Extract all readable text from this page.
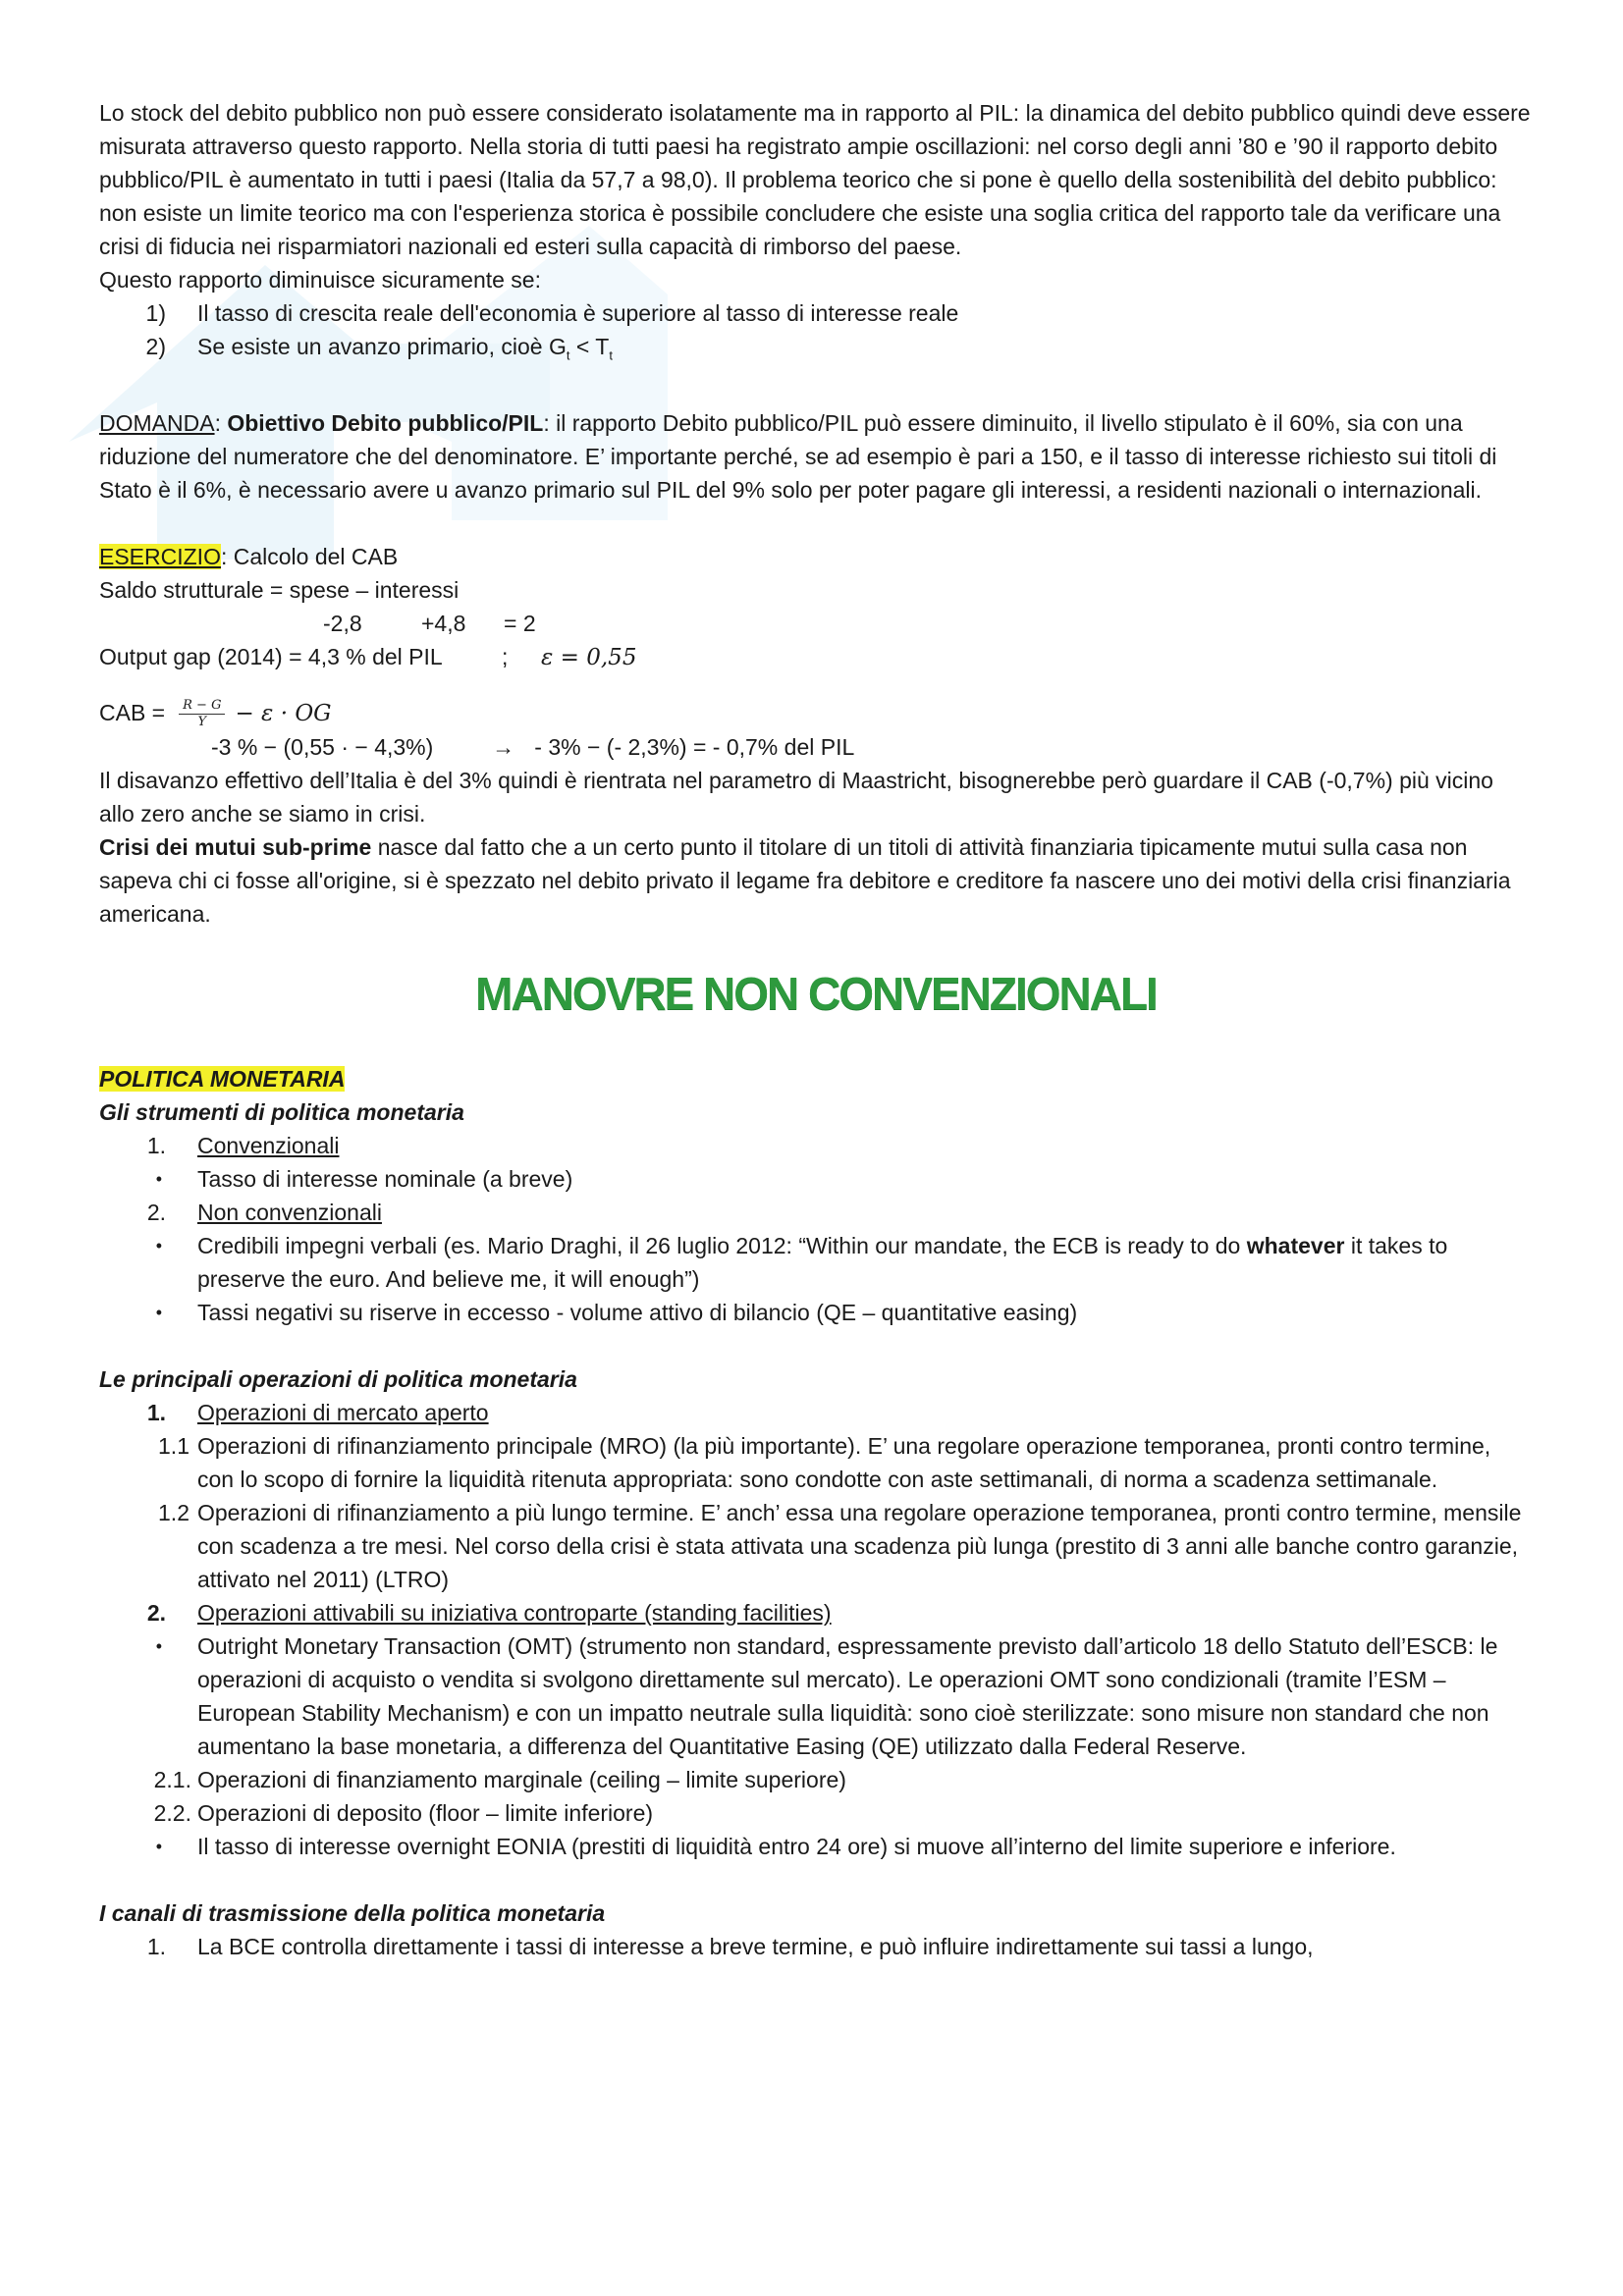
Lo stock del debito pubblico non può essere considerato isolatamente ma in rapporto al PIL: la dinamica del debito pubblico quindi deve essere misurata attraverso questo rapporto. Nella storia di tutti paesi ha registrato ampie oscillazioni: nel corso degli anni ’80 e ’90 il rapporto debito pubblico/PIL è aumentato in tutti i paesi (Italia da 57,7 a 98,0). Il problema teorico che si pone è quello della sostenibilità del debito pubblico: non esiste un limite teorico ma con l'esperienza storica è possibile concludere che esiste una soglia critica del rapporto tale da verificare una crisi di fiducia nei risparmiatori nazionali ed esteri sulla capacità di rimborso del paese.

Questo rapporto diminuisce sicuramente se:

1)	Il tasso di crescita reale dell'economia è superiore al tasso di interesse reale
2)	Se esiste un avanzo primario, cioè $G_t < T_t$

DOMANDA: Obiettivo Debito pubblico/PIL: il rapporto Debito pubblico/PIL può essere diminuito, il livello stipulato è il 60%, sia con una riduzione del numeratore che del denominatore. E’ importante perché, se ad esempio è pari a 150, e il tasso di interesse richiesto sui titoli di Stato è il 6%, è necessario avere u avanzo primario sul PIL del 9% solo per poter pagare gli interessi, a residenti nazionali o internazionali.

ESERCIZIO: Calcolo del CAB

Saldo strutturale = spese – interessi

-2,8	+4,8 = 2

Output gap (2014) = 4,3 % del PIL	; ε = 0,55

CAB = $\frac{R - G}{Y} - \varepsilon$ · OG

-3 % − (0,55 · − 4,3%)	→ - 3% − (- 2,3%) = - 0,7% del PIL

Il disavanzo effettivo dell’Italia è del 3% quindi è rientrata nel parametro di Maastricht, bisognerebbe però guardare il CAB (-0,7%) più vicino allo zero anche se siamo in crisi.

Crisi dei mutui sub-prime nasce dal fatto che a un certo punto il titolare di un titoli di attività finanziaria tipicamente mutui sulla casa non sapeva chi ci fosse all'origine, si è spezzato nel debito privato il legame fra debitore e creditore fa nascere uno dei motivi della crisi finanziaria americana.

MANOVRE NON CONVENZIONALI

POLITICA MONETARIA

Gli strumenti di politica monetaria

1.	Convenzionali
•	Tasso di interesse nominale (a breve)
2.	Non convenzionali
•	Credibili impegni verbali (es. Mario Draghi, il 26 luglio 2012: “Within our mandate, the ECB is ready to do whatever it takes to preserve the euro. And believe me, it will enough”)
•	Tassi negativi su riserve in eccesso - volume attivo di bilancio (QE – quantitative easing)

Le principali operazioni di politica monetaria

1.	Operazioni di mercato aperto
1.1 Operazioni di rifinanziamento principale (MRO) (la più importante). E’ una regolare operazione temporanea, pronti contro termine, con lo scopo di fornire la liquidità ritenuta appropriata: sono condotte con aste settimanali, di norma a scadenza settimanale.
1.2 Operazioni di rifinanziamento a più lungo termine. E’ anch’ essa una regolare operazione temporanea, pronti contro termine, mensile con scadenza a tre mesi. Nel corso della crisi è stata attivata una scadenza più lunga (prestito di 3 anni alle banche contro garanzie, attivato nel 2011) (LTRO)
2.	Operazioni attivabili su iniziativa controparte (standing facilities)
•	Outright Monetary Transaction (OMT) (strumento non standard, espressamente previsto dall’articolo 18 dello Statuto dell’ESCB: le operazioni di acquisto o vendita si svolgono direttamente sul mercato). Le operazioni OMT sono condizionali (tramite l’ESM – European Stability Mechanism) e con un impatto neutrale sulla liquidità: sono cioè sterilizzate: sono misure non standard che non aumentano la base monetaria, a differenza del Quantitative Easing (QE) utilizzato dalla Federal Reserve.
2.1. Operazioni di finanziamento marginale (ceiling – limite superiore)
2.2. Operazioni di deposito (floor – limite inferiore)
•	Il tasso di interesse overnight EONIA (prestiti di liquidità entro 24 ore) si muove all’interno del limite superiore e inferiore.

I canali di trasmissione della politica monetaria

1.	La BCE controlla direttamente i tassi di interesse a breve termine, e può influire indirettamente sui tassi a lungo,
